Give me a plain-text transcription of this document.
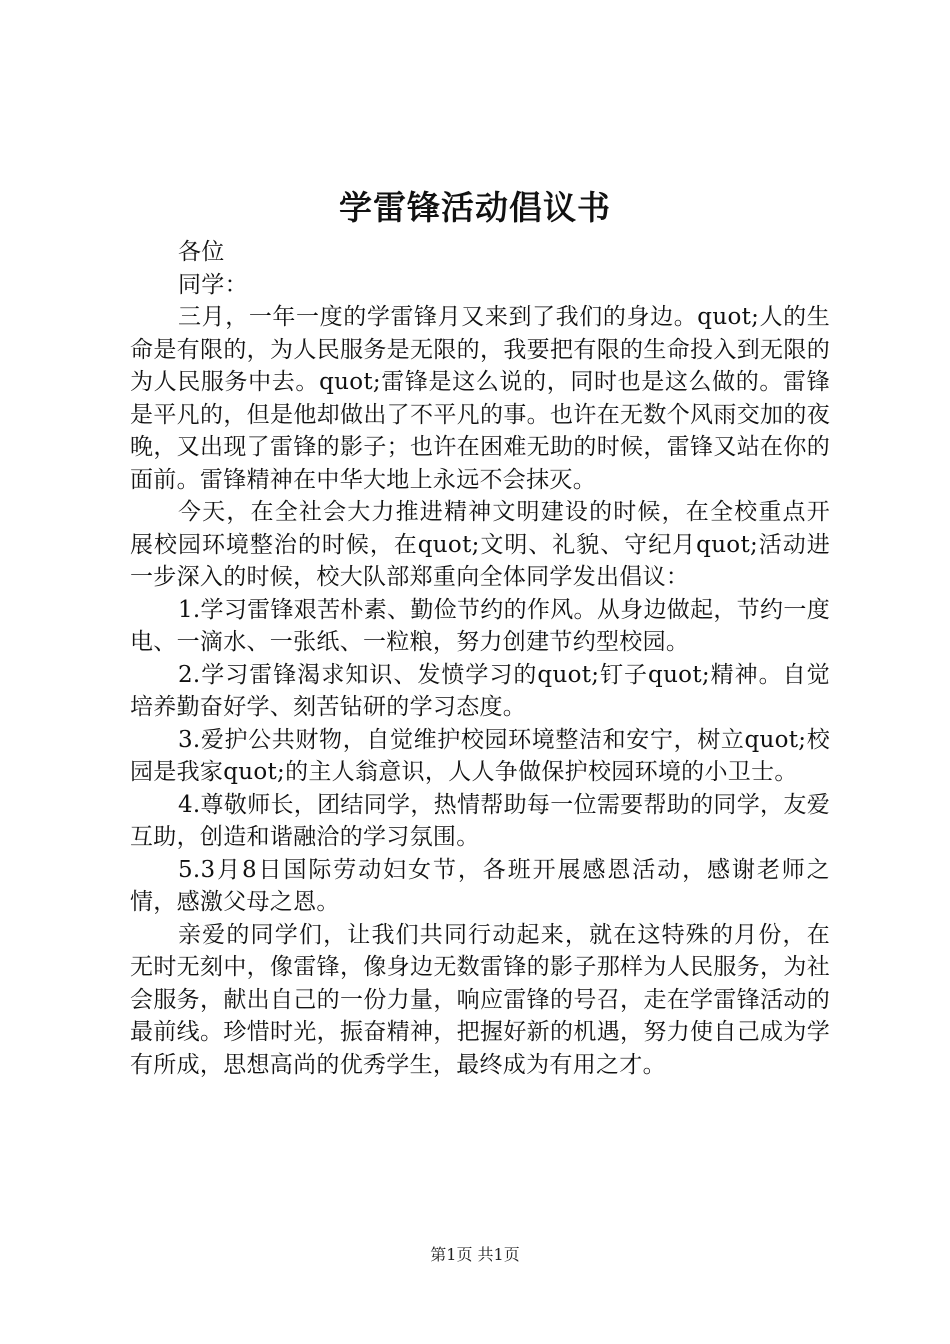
学雷锋活动倡议书

各位

同学：

三月，一年一度的学雷锋月又来到了我们的身边。quot;人的生命是有限的，为人民服务是无限的，我要把有限的生命投入到无限的为人民服务中去。quot;雷锋是这么说的，同时也是这么做的。雷锋是平凡的，但是他却做出了不平凡的事。也许在无数个风雨交加的夜晚，又出现了雷锋的影子；也许在困难无助的时候，雷锋又站在你的面前。雷锋精神在中华大地上永远不会抹灭。

今天，在全社会大力推进精神文明建设的时候，在全校重点开展校园环境整治的时候，在quot;文明、礼貌、守纪月quot;活动进一步深入的时候，校大队部郑重向全体同学发出倡议：

1.学习雷锋艰苦朴素、勤俭节约的作风。从身边做起，节约一度电、一滴水、一张纸、一粒粮，努力创建节约型校园。

2.学习雷锋渴求知识、发愤学习的quot;钉子quot;精神。自觉培养勤奋好学、刻苦钻研的学习态度。

3.爱护公共财物，自觉维护校园环境整洁和安宁，树立quot;校园是我家quot;的主人翁意识，人人争做保护校园环境的小卫士。

4.尊敬师长，团结同学，热情帮助每一位需要帮助的同学，友爱互助，创造和谐融洽的学习氛围。

5.3月8日国际劳动妇女节，各班开展感恩活动，感谢老师之情，感激父母之恩。

亲爱的同学们，让我们共同行动起来，就在这特殊的月份，在无时无刻中，像雷锋，像身边无数雷锋的影子那样为人民服务，为社会服务，献出自己的一份力量，响应雷锋的号召，走在学雷锋活动的最前线。珍惜时光，振奋精神，把握好新的机遇，努力使自己成为学有所成，思想高尚的优秀学生，最终成为有用之才。

第1页 共1页
